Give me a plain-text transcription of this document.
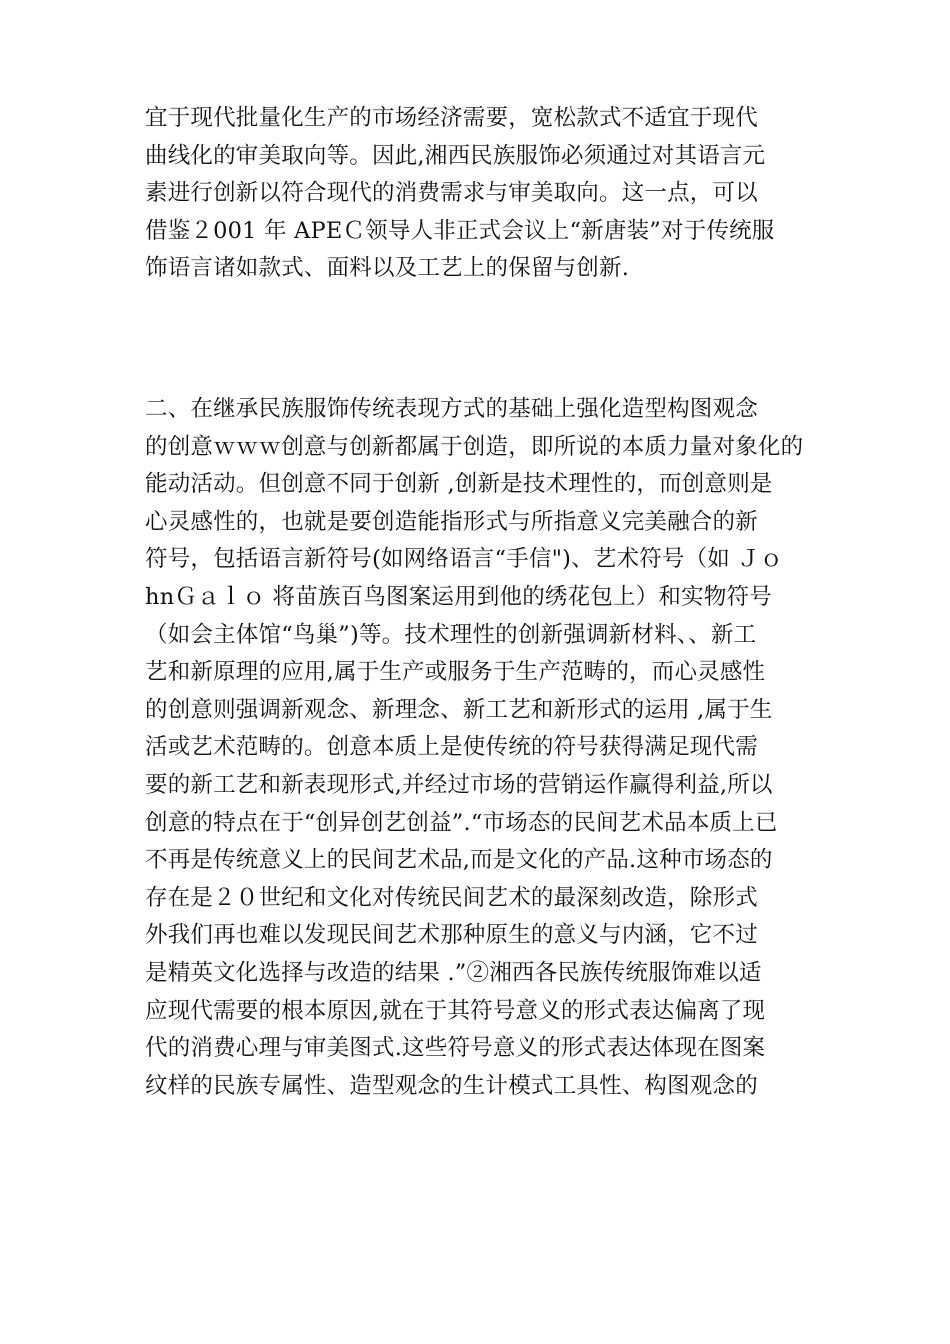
宜于现代批量化生产的市场经济需要，宽松款式不适宜于现代
曲线化的审美取向等。因此,湘西民族服饰必须通过对其语言元
素进行创新以符合现代的消费需求与审美取向。这一点，可以
借鉴２001 年 APEＣ领导人非正式会议上“新唐装”对于传统服
饰语言诸如款式、面料以及工艺上的保留与创新.
二、在继承民族服饰传统表现方式的基础上强化造型构图观念
的创意ｗｗｗ创意与创新都属于创造，即所说的本质力量对象化的
能动活动。但创意不同于创新 ,创新是技术理性的，而创意则是
心灵感性的，也就是要创造能指形式与所指意义完美融合的新
符号，包括语言新符号(如网络语言“手信")、艺术符号（如 Ｊｏ
hnＧａｌｏ 将苗族百鸟图案运用到他的绣花包上）和实物符号
（如会主体馆“鸟巢”)等。技术理性的创新强调新材料、、新工
艺和新原理的应用,属于生产或服务于生产范畴的，而心灵感性
的创意则强调新观念、新理念、新工艺和新形式的运用 ,属于生
活或艺术范畴的。创意本质上是使传统的符号获得满足现代需
要的新工艺和新表现形式,并经过市场的营销运作赢得利益,所以
创意的特点在于“创异创艺创益”.“市场态的民间艺术品本质上已
不再是传统意义上的民间艺术品,而是文化的产品.这种市场态的
存在是２０世纪和文化对传统民间艺术的最深刻改造，除形式
外我们再也难以发现民间艺术那种原生的意义与内涵，它不过
是精英文化选择与改造的结果 .”②湘西各民族传统服饰难以适
应现代需要的根本原因,就在于其符号意义的形式表达偏离了现
代的消费心理与审美图式.这些符号意义的形式表达体现在图案
纹样的民族专属性、造型观念的生计模式工具性、构图观念的
